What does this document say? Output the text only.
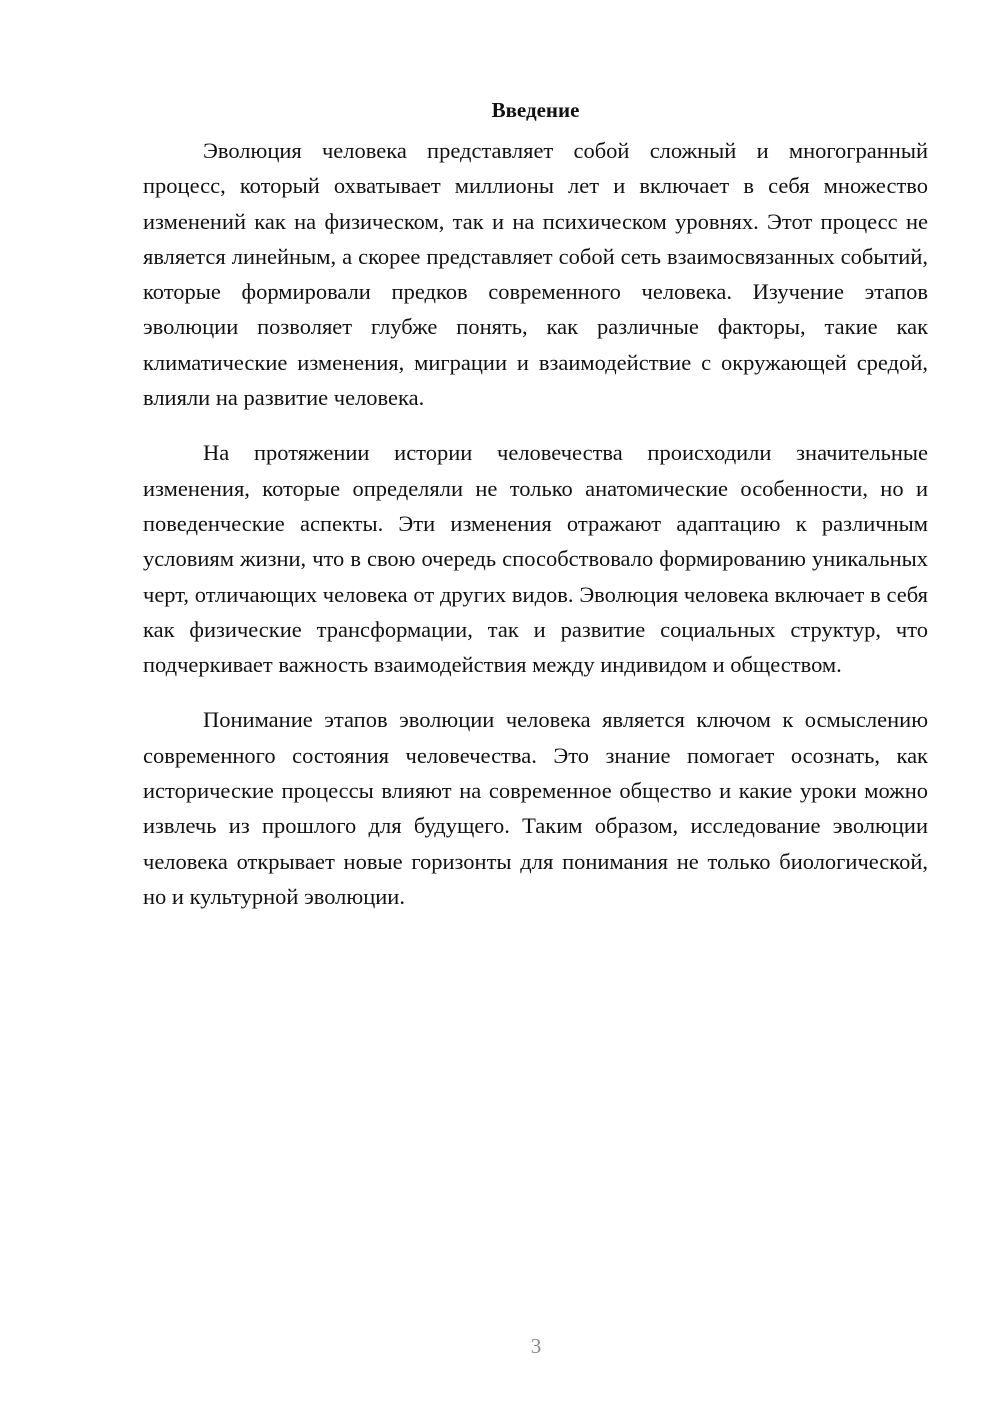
Введение

Эволюция человека представляет собой сложный и многогранный процесс, который охватывает миллионы лет и включает в себя множество изменений как на физическом, так и на психическом уровнях. Этот процесс не является линейным, а скорее представляет собой сеть взаимосвязанных событий, которые формировали предков современного человека. Изучение этапов эволюции позволяет глубже понять, как различные факторы, такие как климатические изменения, миграции и взаимодействие с окружающей средой, влияли на развитие человека.

На протяжении истории человечества происходили значительные изменения, которые определяли не только анатомические особенности, но и поведенческие аспекты. Эти изменения отражают адаптацию к различным условиям жизни, что в свою очередь способствовало формированию уникальных черт, отличающих человека от других видов. Эволюция человека включает в себя как физические трансформации, так и развитие социальных структур, что подчеркивает важность взаимодействия между индивидом и обществом.

Понимание этапов эволюции человека является ключом к осмыслению современного состояния человечества. Это знание помогает осознать, как исторические процессы влияют на современное общество и какие уроки можно извлечь из прошлого для будущего. Таким образом, исследование эволюции человека открывает новые горизонты для понимания не только биологической, но и культурной эволюции.

3
